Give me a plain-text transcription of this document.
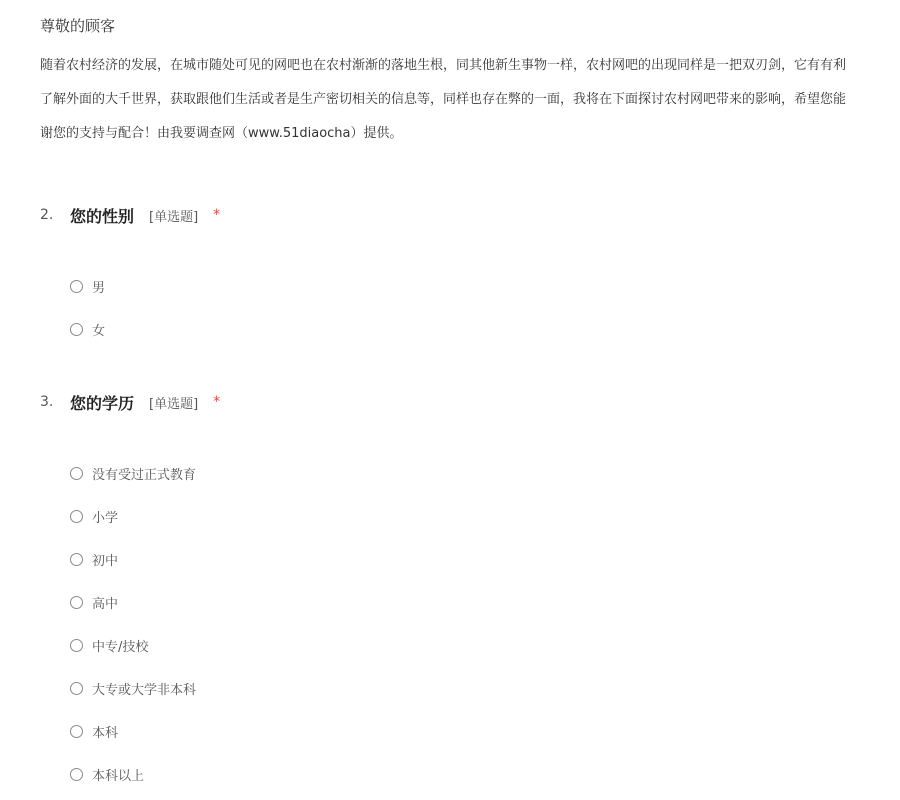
尊敬的顾客
随着农村经济的发展，在城市随处可见的网吧也在农村渐渐的落地生根，同其他新生事物一样，农村网吧的出现同样是一把双刃剑，它有有利
了解外面的大千世界，获取跟他们生活或者是生产密切相关的信息等，同样也存在弊的一面，我将在下面探讨农村网吧带来的影响，希望您能
谢您的支持与配合！由我要调查网（www.51diaocha）提供。
2.	您的性别 [单选题] *
男
女
3.	您的学历 [单选题] *
没有受过正式教育
小学
初中
高中
中专/技校
大专或大学非本科
本科
本科以上
